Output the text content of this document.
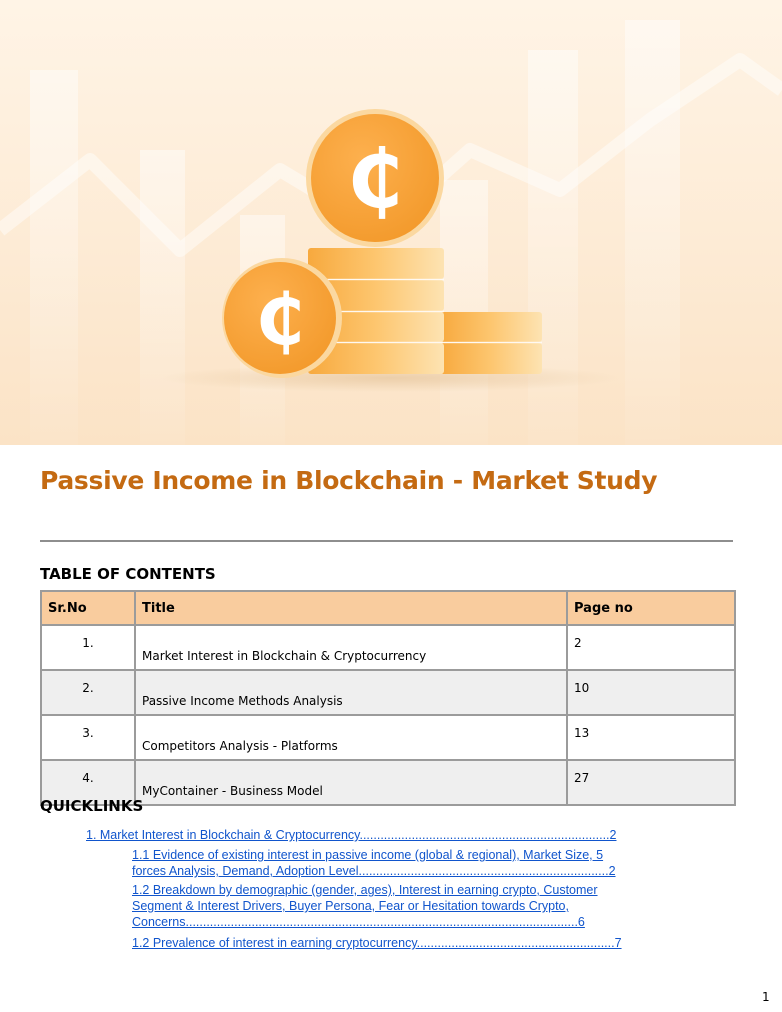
₵
₵
Passive Income in Blockchain - Market Study
TABLE OF CONTENTS
Sr.No	Title	Page no
1.	Market Interest in Blockchain & Cryptocurrency	2
2.	Passive Income Methods Analysis	10
3.	Competitors Analysis - Platforms	13
4.	MyContainer - Business Model	27
QUICKLINKS
1. Market Interest in Blockchain & Cryptocurrency........................................................................2
1.1 Evidence of existing interest in passive income (global & regional), Market Size, 5
forces Analysis, Demand, Adoption Level........................................................................2
1.2 Breakdown by demographic (gender, ages), Interest in earning crypto, Customer
Segment & Interest Drivers, Buyer Persona, Fear or Hesitation towards Crypto,
Concerns.................................................................................................................6
1.2 Prevalence of interest in earning cryptocurrency.........................................................7
1
